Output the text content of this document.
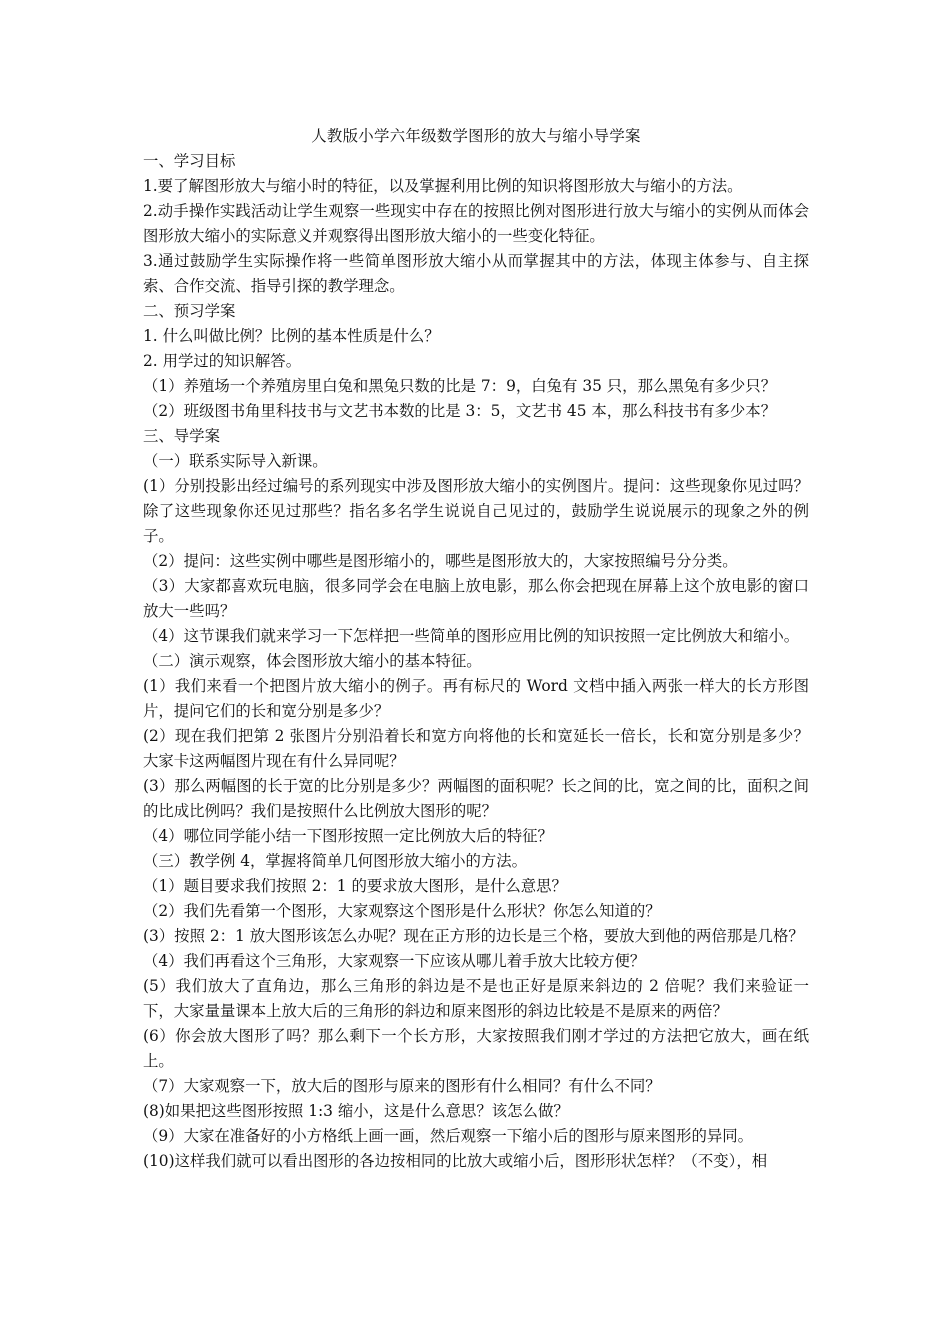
人教版小学六年级数学图形的放大与缩小导学案

一、学习目标

1.要了解图形放大与缩小时的特征，以及掌握利用比例的知识将图形放大与缩小的方法。

2.动手操作实践活动让学生观察一些现实中存在的按照比例对图形进行放大与缩小的实例从而体会图形放大缩小的实际意义并观察得出图形放大缩小的一些变化特征。

3.通过鼓励学生实际操作将一些简单图形放大缩小从而掌握其中的方法，体现主体参与、自主探索、合作交流、指导引探的教学理念。

二、预习学案

1. 什么叫做比例？比例的基本性质是什么？

2. 用学过的知识解答。

（1）养殖场一个养殖房里白兔和黑兔只数的比是 7：9，白兔有 35 只，那么黑兔有多少只？

（2）班级图书角里科技书与文艺书本数的比是 3：5，文艺书 45 本，那么科技书有多少本？

三、导学案

（一）联系实际导入新课。

(1）分别投影出经过编号的系列现实中涉及图形放大缩小的实例图片。提问：这些现象你见过吗？除了这些现象你还见过那些？指名多名学生说说自己见过的，鼓励学生说说展示的现象之外的例子。

（2）提问：这些实例中哪些是图形缩小的，哪些是图形放大的，大家按照编号分分类。

（3）大家都喜欢玩电脑，很多同学会在电脑上放电影，那么你会把现在屏幕上这个放电影的窗口放大一些吗？

（4）这节课我们就来学习一下怎样把一些简单的图形应用比例的知识按照一定比例放大和缩小。

（二）演示观察，体会图形放大缩小的基本特征。

(1）我们来看一个把图片放大缩小的例子。再有标尺的 Word 文档中插入两张一样大的长方形图片，提问它们的长和宽分别是多少？

(2）现在我们把第 2 张图片分别沿着长和宽方向将他的长和宽延长一倍长，长和宽分别是多少？大家卡这两幅图片现在有什么异同呢？

(3）那么两幅图的长于宽的比分别是多少？两幅图的面积呢？长之间的比，宽之间的比，面积之间的比成比例吗？我们是按照什么比例放大图形的呢？

（4）哪位同学能小结一下图形按照一定比例放大后的特征？

（三）教学例 4，掌握将简单几何图形放大缩小的方法。

（1）题目要求我们按照 2：1 的要求放大图形，是什么意思？

（2）我们先看第一个图形，大家观察这个图形是什么形状？你怎么知道的？

(3）按照 2：1 放大图形该怎么办呢？现在正方形的边长是三个格，要放大到他的两倍那是几格？

（4）我们再看这个三角形，大家观察一下应该从哪儿着手放大比较方便？

(5）我们放大了直角边，那么三角形的斜边是不是也正好是原来斜边的 2 倍呢？我们来验证一下，大家量量课本上放大后的三角形的斜边和原来图形的斜边比较是不是原来的两倍？

(6）你会放大图形了吗？那么剩下一个长方形，大家按照我们刚才学过的方法把它放大，画在纸上。

（7）大家观察一下，放大后的图形与原来的图形有什么相同？有什么不同？

(8)如果把这些图形按照 1:3 缩小，这是什么意思？该怎么做？

（9）大家在准备好的小方格纸上画一画，然后观察一下缩小后的图形与原来图形的异同。

(10)这样我们就可以看出图形的各边按相同的比放大或缩小后，图形形状怎样？（不变），相
